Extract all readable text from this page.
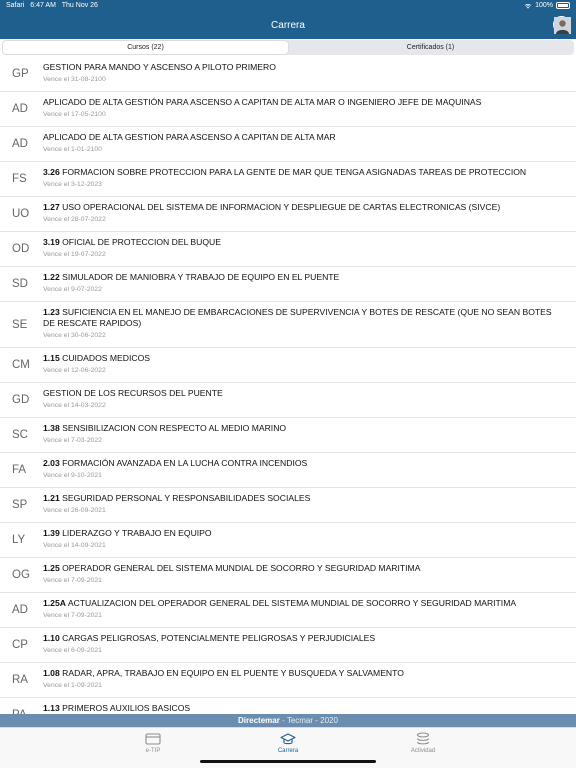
Safari 6:47 AM Thu Nov 26	100%
Carrera
Cursos (22)	Certificados (1)
GP
GESTION PARA MANDO Y ASCENSO A PILOTO PRIMERO
Vence el 31-08-2100
AD
APLICADO DE ALTA GESTIÓN PARA ASCENSO A CAPITAN DE ALTA MAR O INGENIERO JEFE DE MAQUINAS
Vence el 17-05-2100
AD
APLICADO DE ALTA GESTION PARA ASCENSO A CAPITAN DE ALTA MAR
Vence el 1-01-2100
FS
3.26 FORMACION SOBRE PROTECCION PARA LA GENTE DE MAR QUE TENGA ASIGNADAS TAREAS DE PROTECCION
Vence el 3-12-2023
UO
1.27 USO OPERACIONAL DEL SISTEMA DE INFORMACION Y DESPLIEGUE DE CARTAS ELECTRONICAS (SIVCE)
Vence el 28-07-2022
OD
3.19 OFICIAL DE PROTECCION DEL BUQUE
Vence el 19-07-2022
SD
1.22 SIMULADOR DE MANIOBRA Y TRABAJO DE EQUIPO EN EL PUENTE
Vence el 9-07-2022
SE
1.23 SUFICIENCIA EN EL MANEJO DE EMBARCACIONES DE SUPERVIVENCIA Y BOTES DE RESCATE (QUE NO SEAN BOTES DE RESCATE RAPIDOS)
Vence el 30-06-2022
CM
1.15 CUIDADOS MEDICOS
Vence el 12-06-2022
GD
GESTION DE LOS RECURSOS DEL PUENTE
Vence el 14-03-2022
SC
1.38 SENSIBILIZACION CON RESPECTO AL MEDIO MARINO
Vence el 7-03-2022
FA
2.03 FORMACIÓN AVANZADA EN LA LUCHA CONTRA INCENDIOS
Vence el 9-10-2021
SP
1.21 SEGURIDAD PERSONAL Y RESPONSABILIDADES SOCIALES
Vence el 26-09-2021
LY
1.39 LIDERAZGO Y TRABAJO EN EQUIPO
Vence el 14-09-2021
OG
1.25 OPERADOR GENERAL DEL SISTEMA MUNDIAL DE SOCORRO Y SEGURIDAD MARITIMA
Vence el 7-09-2021
AD
1.25A ACTUALIZACION DEL OPERADOR GENERAL DEL SISTEMA MUNDIAL DE SOCORRO Y SEGURIDAD MARITIMA
Vence el 7-09-2021
CP
1.10 CARGAS PELIGROSAS, POTENCIALMENTE PELIGROSAS Y PERJUDICIALES
Vence el 6-09-2021
RA
1.08 RADAR, APRA, TRABAJO EN EQUIPO EN EL PUENTE Y BUSQUEDA Y SALVAMENTO
Vence el 1-09-2021
1.13 PRIMEROS AUXILIOS BASICOS
Directemar - Tecmar - 2020
e-TIP	Carrera	Actividad
